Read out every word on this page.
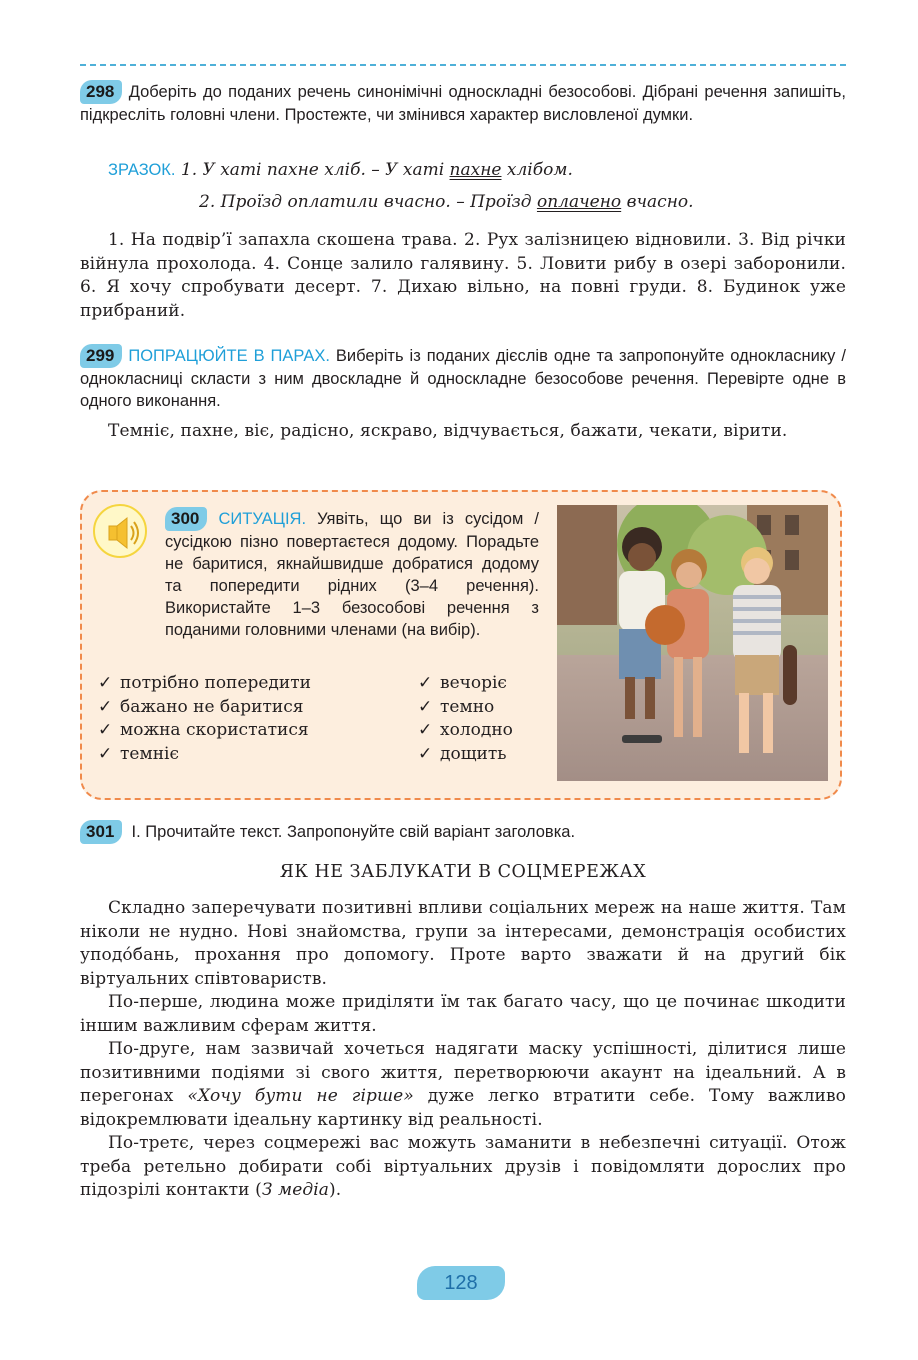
298 Доберіть до поданих речень синонімічні односкладні безособові. Дібрані речення запишіть, підкресліть головні члени. Простежте, чи змінився характер висловленої думки.
ЗРАЗОК. 1. У хаті пахне хліб. – У хаті пахне хлібом.
2. Проїзд оплатили вчасно. – Проїзд оплачено вчасно.

1. На подвір’ї запахла скошена трава. 2. Рух залізницею відновили. 3. Від річки війнула прохолода. 4. Сонце залило галявину. 5. Ловити рибу в озері заборонили. 6. Я хочу спробувати десерт. 7. Дихаю вільно, на повні груди. 8. Будинок уже прибраний.

299 ПОПРАЦЮЙТЕ В ПАРАХ. Виберіть із поданих дієслів одне та запропонуйте однокласнику / однокласниці скласти з ним двоскладне й односкладне безособове речення. Перевірте одне в одного виконання.

Темніє, пахне, віє, радісно, яскраво, відчувається, бажати, чекати, вірити.

300 СИТУАЦІЯ. Уявіть, що ви із сусідом / сусідкою пізно повертаєтеся додому. Порадьте не баритися, якнайшвидше добратися додому та попередити рідних (3–4 речення). Використайте 1–3 безособові речення з поданими головними членами (на вибір).
✓ потрібно попередити
✓ бажано не баритися
✓ можна скористатися
✓ темніє
✓ вечоріє
✓ темно
✓ холодно
✓ дощить
301 І. Прочитайте текст. Запропонуйте свій варіант заголовка.
ЯК НЕ ЗАБЛУКАТИ В СОЦМЕРЕЖАХ

Складно заперечувати позитивні впливи соціальних мереж на наше життя. Там ніколи не нудно. Нові знайомства, групи за інтересами, демонстрація особистих уподо́бань, прохання про допомогу. Проте варто зважати й на другий бік віртуальних співтовариств.

По-перше, людина може приділяти їм так багато часу, що це починає шкодити іншим важливим сферам життя.

По-друге, нам зазвичай хочеться надягати маску успішності, ділитися лише позитивними подіями зі свого життя, перетворюючи акаунт на ідеальний. А в перегонах «Хочу бути не гірше» дуже легко втратити себе. Тому важливо відокремлювати ідеальну картинку від реальності.

По-третє, через соцмережі вас можуть заманити в небезпечні ситуації. Отож треба ретельно добирати собі віртуальних друзів і повідомляти дорослих про підозрілі контакти (З медіа).

128
